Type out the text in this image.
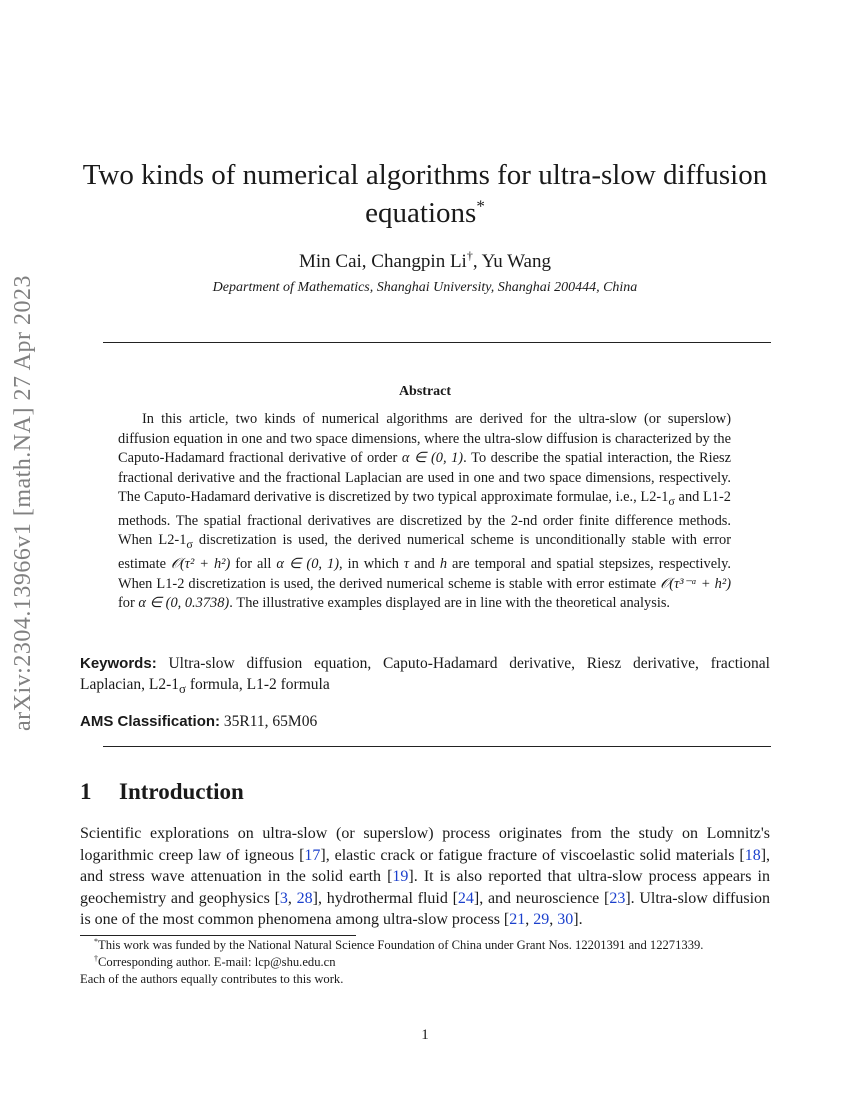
arXiv:2304.13966v1 [math.NA] 27 Apr 2023
Two kinds of numerical algorithms for ultra-slow diffusion equations*
Min Cai, Changpin Li†, Yu Wang
Department of Mathematics, Shanghai University, Shanghai 200444, China
Abstract
In this article, two kinds of numerical algorithms are derived for the ultra-slow (or superslow) diffusion equation in one and two space dimensions, where the ultra-slow diffusion is characterized by the Caputo-Hadamard fractional derivative of order α ∈ (0, 1). To describe the spatial interaction, the Riesz fractional derivative and the fractional Laplacian are used in one and two space dimensions, respectively. The Caputo-Hadamard derivative is discretized by two typical approximate formulae, i.e., $L2-1_\sigma$ and L1-2 methods. The spatial fractional derivatives are discretized by the 2-nd order finite difference methods. When $L2-1_\sigma$ discretization is used, the derived numerical scheme is unconditionally stable with error estimate 𝒪(τ² + h²) for all α ∈ (0, 1), in which τ and h are temporal and spatial stepsizes, respectively. When L1-2 discretization is used, the derived numerical scheme is stable with error estimate 𝒪(τ³⁻ᵅ + h²) for α ∈ (0, 0.3738). The illustrative examples displayed are in line with the theoretical analysis.
Keywords: Ultra-slow diffusion equation, Caputo-Hadamard derivative, Riesz derivative, fractional Laplacian, $L2-1_\sigma$ formula, L1-2 formula
AMS Classification: 35R11, 65M06
1 Introduction
Scientific explorations on ultra-slow (or superslow) process originates from the study on Lomnitz's logarithmic creep law of igneous [17], elastic crack or fatigue fracture of viscoelastic solid materials [18], and stress wave attenuation in the solid earth [19]. It is also reported that ultra-slow process appears in geochemistry and geophysics [3, 28], hydrothermal fluid [24], and neuroscience [23]. Ultra-slow diffusion is one of the most common phenomena among ultra-slow process [21, 29, 30].

*This work was funded by the National Natural Science Foundation of China under Grant Nos. 12201391 and 12271339.

†Corresponding author. E-mail: lcp@shu.edu.cn

Each of the authors equally contributes to this work.

1
